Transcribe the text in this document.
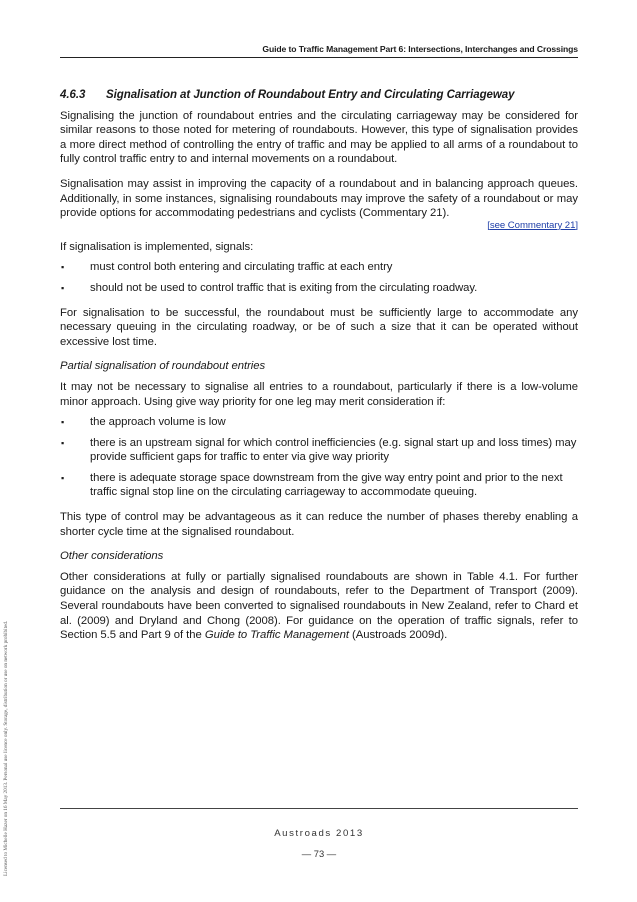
Guide to Traffic Management Part 6: Intersections, Interchanges and Crossings
4.6.3	Signalisation at Junction of Roundabout Entry and Circulating Carriageway

Signalising the junction of roundabout entries and the circulating carriageway may be considered for similar reasons to those noted for metering of roundabouts. However, this type of signalisation provides a more direct method of controlling the entry of traffic and may be applied to all arms of a roundabout to fully control traffic entry to and internal movements on a roundabout.

Signalisation may assist in improving the capacity of a roundabout and in balancing approach queues. Additionally, in some instances, signalising roundabouts may improve the safety of a roundabout or may provide options for accommodating pedestrians and cyclists (Commentary 21).

[see Commentary 21]

If signalisation is implemented, signals:

▪ must control both entering and circulating traffic at each entry
▪ should not be used to control traffic that is exiting from the circulating roadway.

For signalisation to be successful, the roundabout must be sufficiently large to accommodate any necessary queuing in the circulating roadway, or be of such a size that it can be operated without excessive lost time.

Partial signalisation of roundabout entries

It may not be necessary to signalise all entries to a roundabout, particularly if there is a low-volume minor approach. Using give way priority for one leg may merit consideration if:

▪ the approach volume is low
▪ there is an upstream signal for which control inefficiencies (e.g. signal start up and loss times) may provide sufficient gaps for traffic to enter via give way priority
▪ there is adequate storage space downstream from the give way entry point and prior to the next traffic signal stop line on the circulating carriageway to accommodate queuing.

This type of control may be advantageous as it can reduce the number of phases thereby enabling a shorter cycle time at the signalised roundabout.

Other considerations

Other considerations at fully or partially signalised roundabouts are shown in Table 4.1. For further guidance on the analysis and design of roundabouts, refer to the Department of Transport (2009). Several roundabouts have been converted to signalised roundabouts in New Zealand, refer to Chard et al. (2009) and Dryland and Chong (2008). For guidance on the operation of traffic signals, refer to Section 5.5 and Part 9 of the Guide to Traffic Management (Austroads 2009d).

Licensed to Michelle Hazer on 16 May 2013. Personal use licence only. Storage, distribution or use on network prohibited.	Austroads 2013
— 73 —
